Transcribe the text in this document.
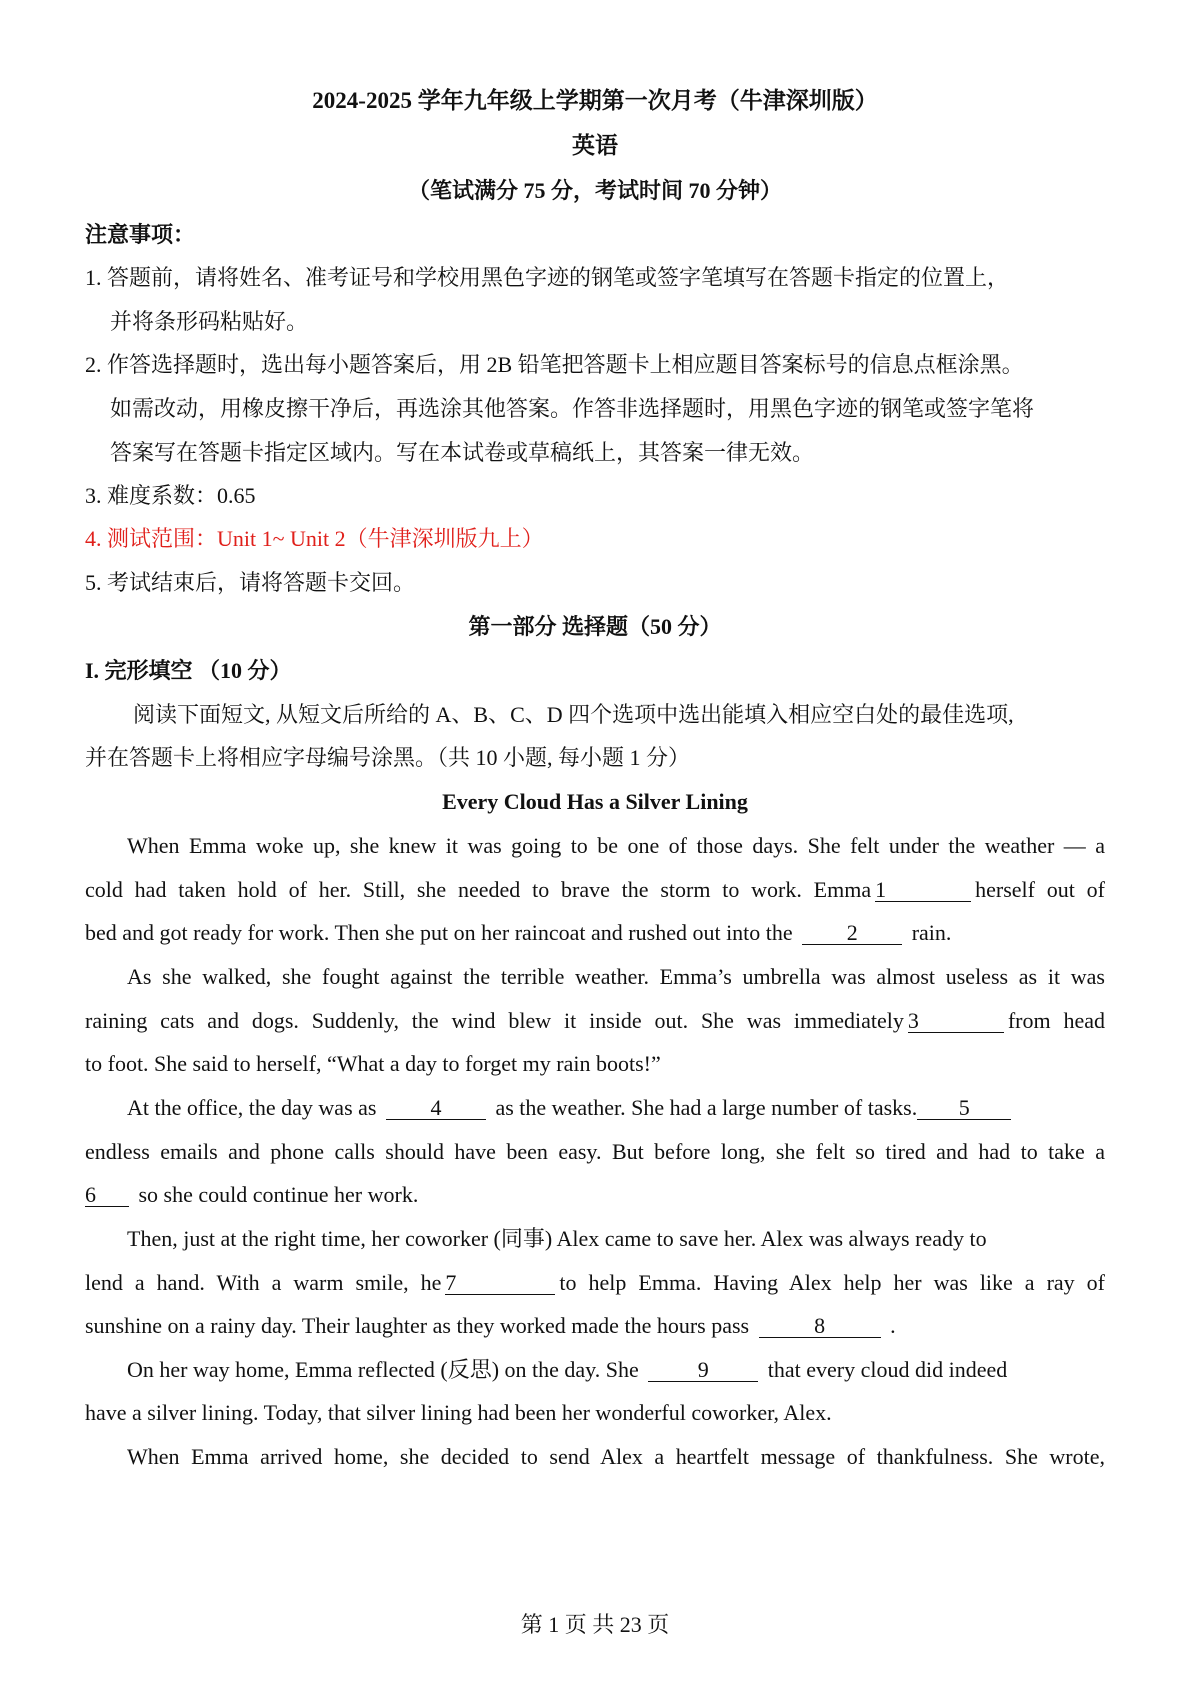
2024-2025 学年九年级上学期第一次月考（牛津深圳版）
英语
（笔试满分 75 分，考试时间 70 分钟）
注意事项：
1. 答题前，请将姓名、准考证号和学校用黑色字迹的钢笔或签字笔填写在答题卡指定的位置上，
并将条形码粘贴好。
2. 作答选择题时，选出每小题答案后，用 2B 铅笔把答题卡上相应题目答案标号的信息点框涂黑。
如需改动，用橡皮擦干净后，再选涂其他答案。作答非选择题时，用黑色字迹的钢笔或签字笔将
答案写在答题卡指定区域内。写在本试卷或草稿纸上，其答案一律无效。
3. 难度系数：0.65
4. 测试范围：Unit 1~ Unit 2（牛津深圳版九上）
5. 考试结束后，请将答题卡交回。
第一部分 选择题（50 分）
I. 完形填空 （10 分）
阅读下面短文, 从短文后所给的 A、B、C、D 四个选项中选出能填入相应空白处的最佳选项,
并在答题卡上将相应字母编号涂黑。（共 10 小题, 每小题 1 分）
Every Cloud Has a Silver Lining
When Emma woke up, she knew it was going to be one of those days. She felt under the weather — a
cold had taken hold of her. Still, she needed to brave the storm to work. Emma 1	herself out of
bed and got ready for work. Then she put on her raincoat and rushed out into the 2 rain.
As she walked, she fought against the terrible weather. Emma’s umbrella was almost useless as it was
raining cats and dogs. Suddenly, the wind blew it inside out. She was immediately 3	from head
to foot. She said to herself, “What a day to forget my rain boots!”
At the office, the day was as 4 as the weather. She had a large number of tasks. 5
endless emails and phone calls should have been easy. But before long, she felt so tired and had to take a
6 so she could continue her work.
Then, just at the right time, her coworker (同事) Alex came to save her. Alex was always ready to
lend a hand. With a warm smile, he 7	to help Emma. Having Alex help her was like a ray of
sunshine on a rainy day. Their laughter as they worked made the hours pass	8	.
On her way home, Emma reflected (反思) on the day. She	9	that every cloud did indeed
have a silver lining. Today, that silver lining had been her wonderful coworker, Alex.
When Emma arrived home, she decided to send Alex a heartfelt message of thankfulness. She wrote,
第 1 页 共 23 页
